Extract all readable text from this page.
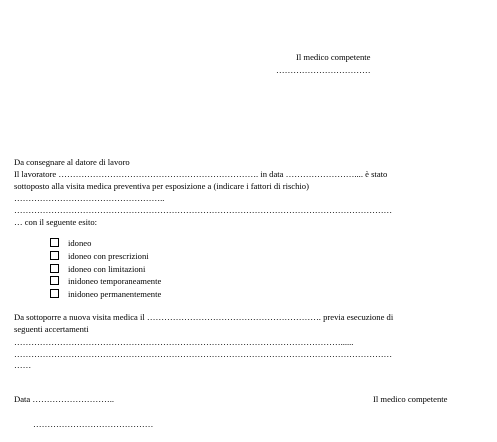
Il medico competente
……………………………
Da consegnare al datore di lavoro
Il lavoratore ……………………………………………………………. in data …………………….... è stato
sottoposto alla visita medica preventiva per esposizione a (indicare i fattori di rischio)
……………………………………………..
……………………………………………………………………………………………………………………
… con il seguente esito:
idoneo
idoneo con prescrizioni
idoneo con limitazioni
inidoneo temporaneamente
inidoneo permanentemente
Da sottoporre a nuova visita medica il ……………………………………………………. previa esecuzione di
seguenti accertamenti
……………………………………………………………………………………………………......
……………………………………………………………………………………………………………………
……
Data ………………………..	Il medico competente
……………………………………
